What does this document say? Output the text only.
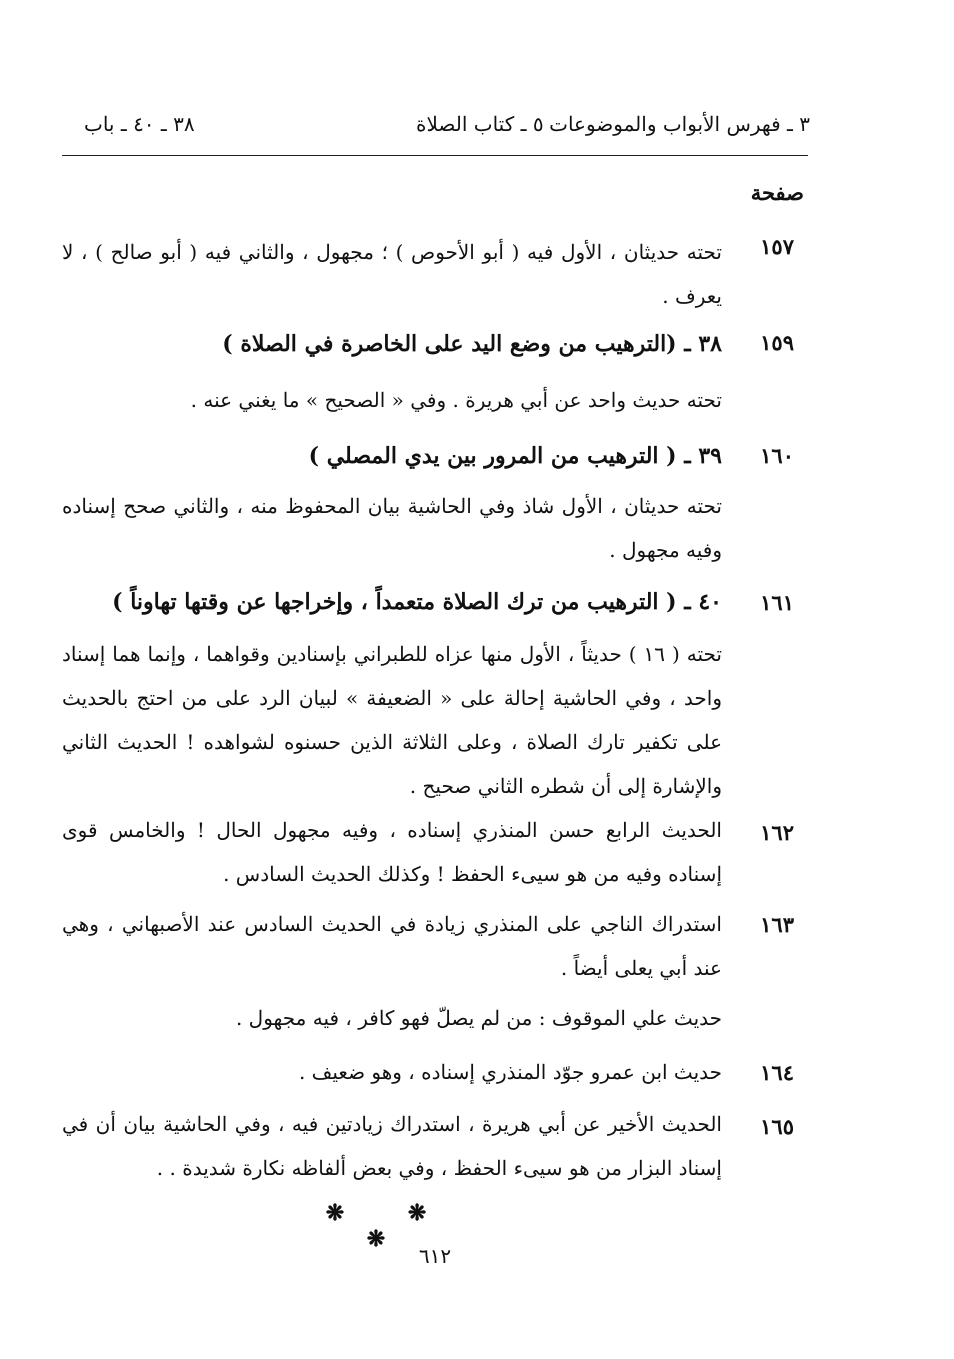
٣ ـ فهرس الأبواب والموضوعات
٥ ـ كتاب الصلاة
٣٨ ـ ٤٠ ـ باب
صفحة
١٥٧
تحته حديثان ، الأول فيه ( أبو الأحوص ) ؛ مجهول ، والثاني فيه ( أبو صالح ) ، لا يعرف .
١٥٩
٣٨ ـ (الترهيب من وضع اليد على الخاصرة في الصلاة )
تحته حديث واحد عن أبي هريرة . وفي « الصحيح » ما يغني عنه .
١٦٠
٣٩ ـ ( الترهيب من المرور بين يدي المصلي )
تحته حديثان ، الأول شاذ وفي الحاشية بيان المحفوظ منه ، والثاني صحح إسناده وفيه مجهول .
١٦١
٤٠ ـ ( الترهيب من ترك الصلاة متعمداً ، وإخراجها عن وقتها تهاوناً )
تحته ( ١٦ ) حديثاً ، الأول منها عزاه للطبراني بإسنادين وقواهما ، وإنما هما إسناد واحد ، وفي الحاشية إحالة على « الضعيفة » لبيان الرد على من احتج بالحديث على تكفير تارك الصلاة ، وعلى الثلاثة الذين حسنوه لشواهده ! الحديث الثاني والإشارة إلى أن شطره الثاني صحيح .
١٦٢
الحديث الرابع حسن المنذري إسناده ، وفيه مجهول الحال ! والخامس قوى إسناده وفيه من هو سيىء الحفظ ! وكذلك الحديث السادس .
١٦٣
استدراك الناجي على المنذري زيادة في الحديث السادس عند الأصبهاني ، وهي عند أبي يعلى أيضاً .
حديث علي الموقوف : من لم يصلّ فهو كافر ، فيه مجهول .
١٦٤
حديث ابن عمرو جوّد المنذري إسناده ، وهو ضعيف .
١٦٥
الحديث الأخير عن أبي هريرة ، استدراك زيادتين فيه ، وفي الحاشية بيان أن في إسناد البزار من هو سيىء الحفظ ، وفي بعض ألفاظه نكارة شديدة . .
❋ ❋ ❋
٦١٢
